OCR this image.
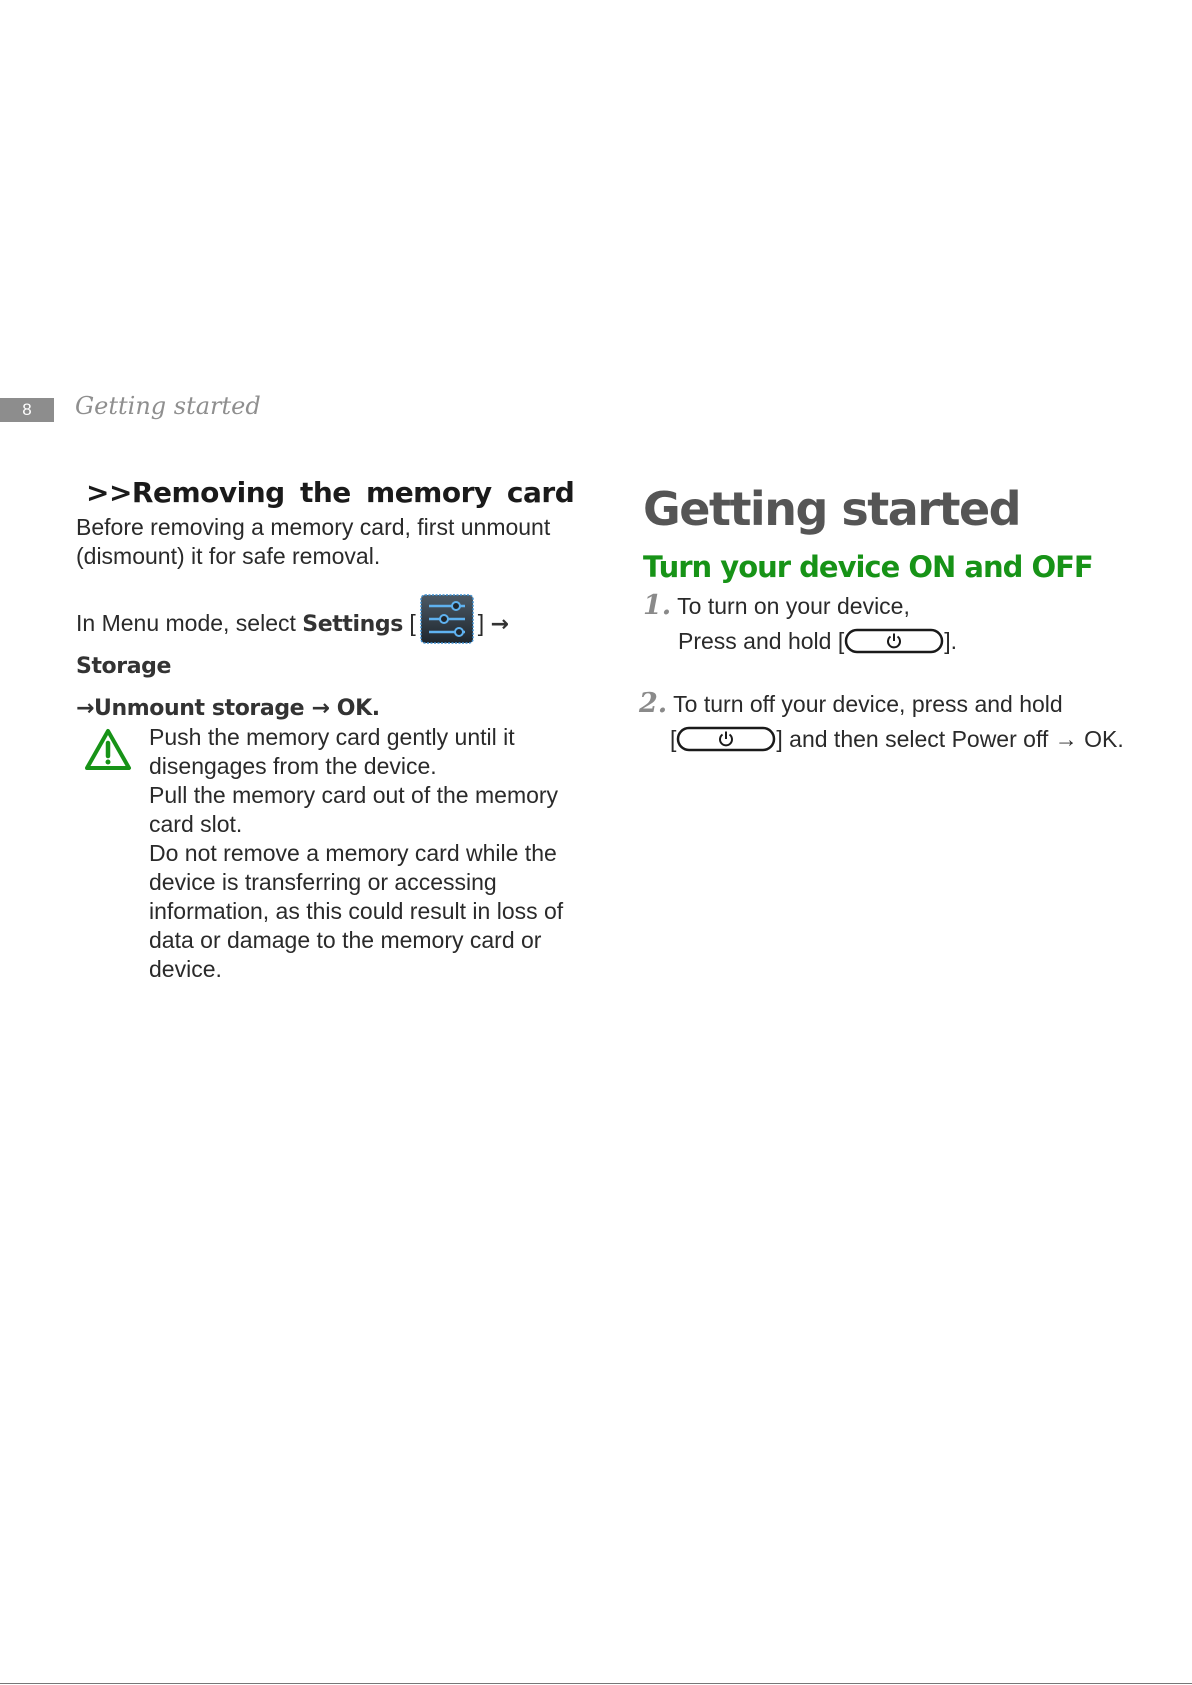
8	Getting started
>>Removing the memory card
Before removing a memory card, first unmount (dismount) it for safe removal.
In Menu mode, select Settings [	] → Storage
→Unmount storage → OK.

Push the memory card gently until it disengages from the device.

Pull the memory card out of the memory card slot.

Do not remove a memory card while the device is transferring or accessing information, as this could result in loss of data or damage to the memory card or device.

Getting started
Turn your device ON and OFF
1. To turn on your device,
Press and hold [	].
2. To turn off your device, press and hold
[	] and then select Power off → OK.
